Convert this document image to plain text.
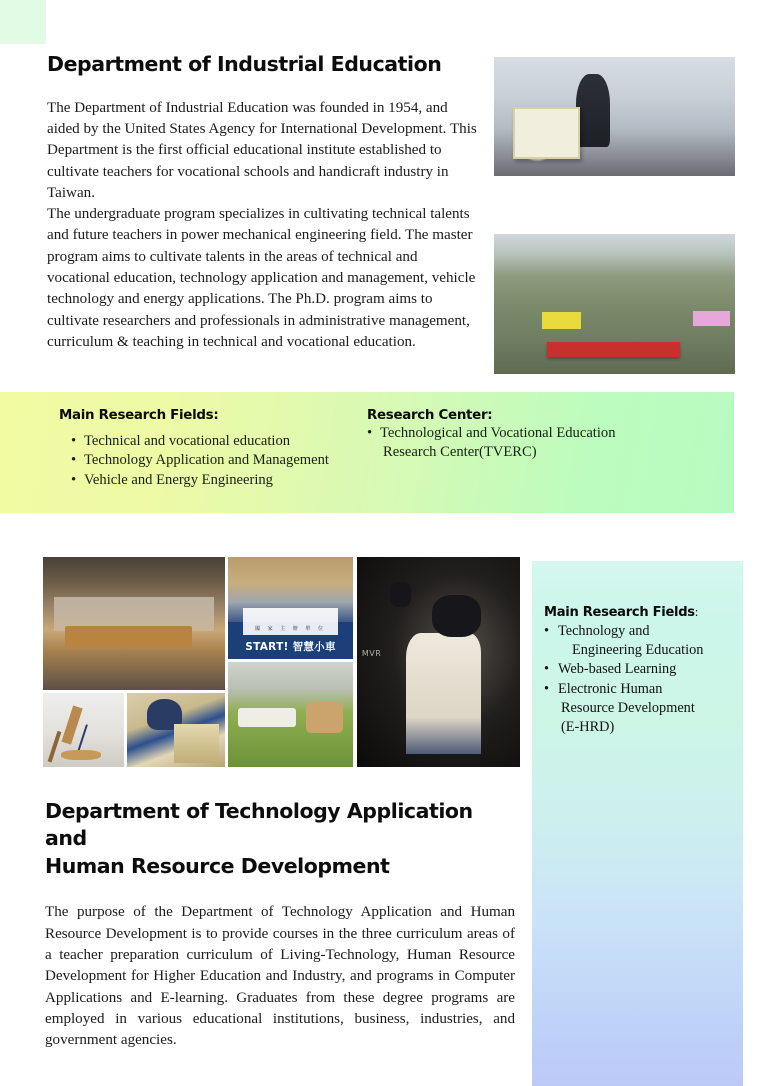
Department of Industrial Education

The Department of Industrial Education was founded in 1954, and aided by the United States Agency for International Development. This Department is the first official educational institute established to cultivate teachers for vocational schools and handicraft industry in Taiwan.

The undergraduate program specializes in cultivating technical talents and future teachers in power mechanical engineering field. The master program aims to cultivate talents in the areas of technical and vocational education, technology application and management, vehicle technology and energy applications. The Ph.D. program aims to cultivate researchers and professionals in administrative management, curriculum & teaching in technical and vocational education.

Main Research Fields:
• Technical and vocational education
• Technology Application and Management
• Vehicle and Energy Engineering
Research Center:
• Technological and Vocational Education
Research Center(TVERC)
國 家 主 辦 單 位
START! 智慧小車
MVR
Main Research Fields:
• Technology and
Engineering Education
• Web-based Learning
• Electronic Human
Resource Development
(E-HRD)
Department of Technology Application and
Human Resource Development

The purpose of the Department of Technology Application and Human Resource Development is to provide courses in the three curriculum areas of a teacher preparation curriculum of Living-Technology, Human Resource Development for Higher Education and Industry, and programs in Computer Applications and E-learning. Graduates from these degree programs are employed in various educational institutions, business, industries, and government agencies.
